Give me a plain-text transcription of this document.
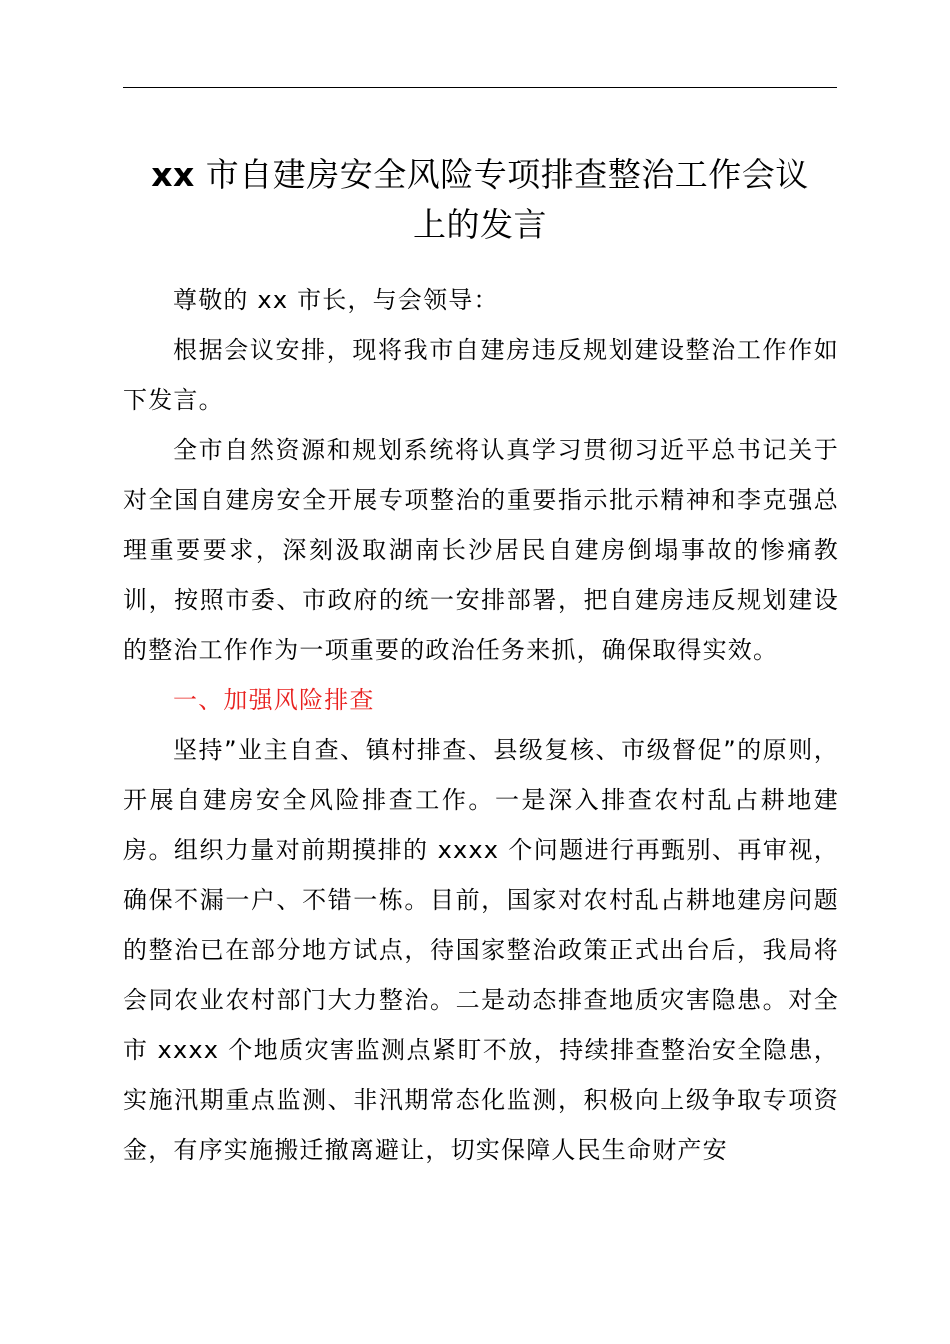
xx 市自建房安全风险专项排查整治工作会议
上的发言

尊敬的 xx 市长，与会领导：

根据会议安排，现将我市自建房违反规划建设整治工作作如下发言。

全市自然资源和规划系统将认真学习贯彻习近平总书记关于对全国自建房安全开展专项整治的重要指示批示精神和李克强总理重要要求，深刻汲取湖南长沙居民自建房倒塌事故的惨痛教训，按照市委、市政府的统一安排部署，把自建房违反规划建设的整治工作作为一项重要的政治任务来抓，确保取得实效。

一、加强风险排查

坚持”业主自查、镇村排查、县级复核、市级督促”的原则，开展自建房安全风险排查工作。一是深入排查农村乱占耕地建房。组织力量对前期摸排的 xxxx 个问题进行再甄别、再审视，确保不漏一户、不错一栋。目前，国家对农村乱占耕地建房问题的整治已在部分地方试点，待国家整治政策正式出台后，我局将会同农业农村部门大力整治。二是动态排查地质灾害隐患。对全市 xxxx 个地质灾害监测点紧盯不放，持续排查整治安全隐患，实施汛期重点监测、非汛期常态化监测，积极向上级争取专项资金，有序实施搬迁撤离避让，切实保障人民生命财产安
